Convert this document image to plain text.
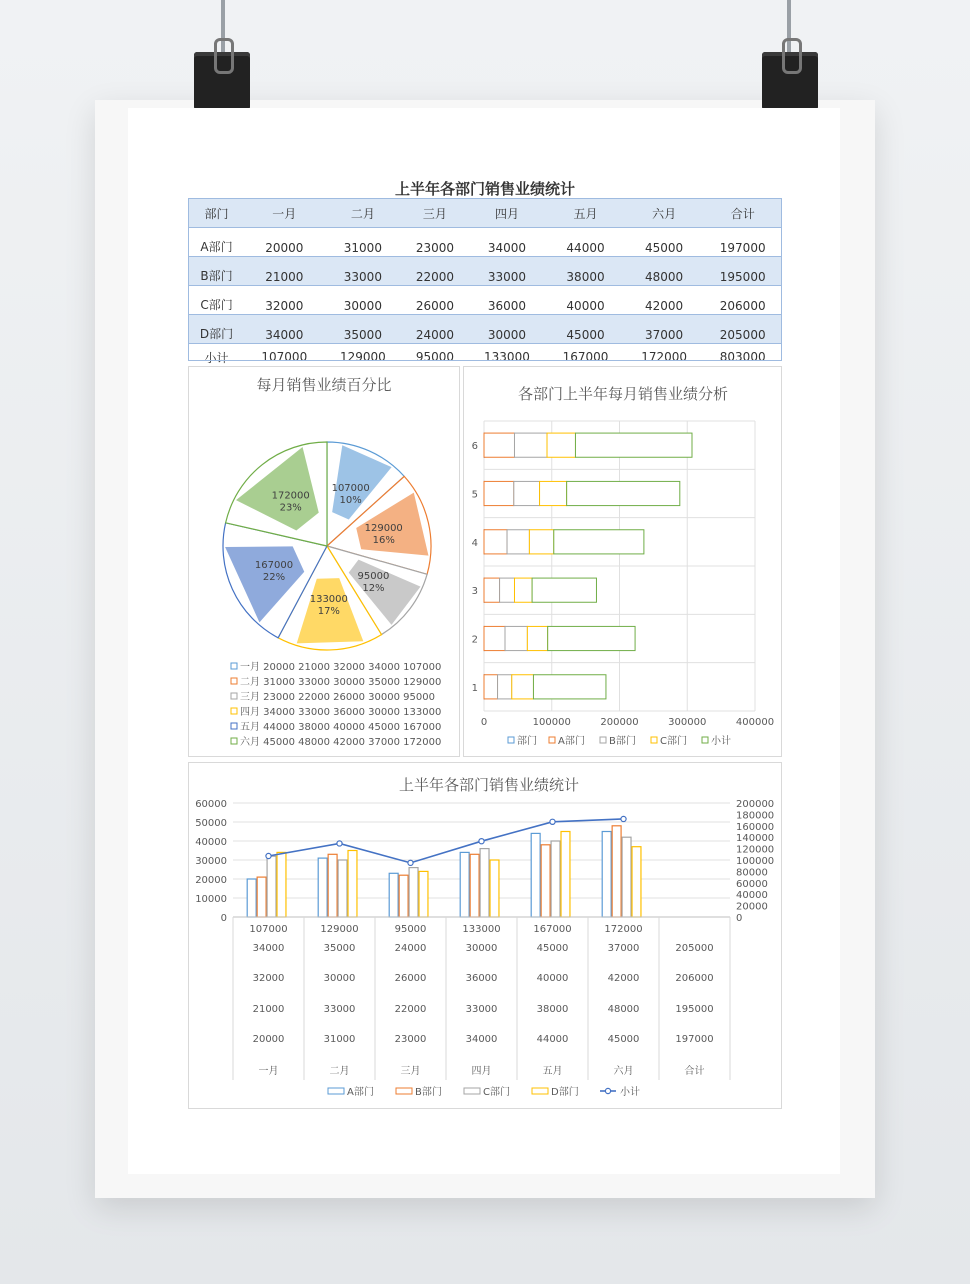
上半年各部门销售业绩统计
部门	一月	二月	三月	四月	五月	六月	合计
A部门	20000	31000	23000	34000	44000	45000	197000
B部门	21000	33000	22000	33000	38000	48000	195000
C部门	32000	30000	26000	36000	40000	42000	206000
D部门	34000	35000	24000	30000	45000	37000	205000
小计	107000	129000	95000	133000	167000	172000	803000
每月销售业绩百分比
107000
10%
129000
16%
95000
12%
133000
17%
167000
22%
172000
23%
一月 20000 21000 32000 34000 107000
二月 31000 33000 30000 35000 129000
三月 23000 22000 26000 30000 95000
四月 34000 33000 36000 30000 133000
五月 44000 38000 40000 45000 167000
六月 45000 48000 42000 37000 172000
各部门上半年每月销售业绩分析
0	100000	200000	300000	400000
1
2
3
4
5
6
部门 A部门 B部门 C部门 小计
上半年各部门销售业绩统计
0
10000
20000
30000
40000
50000
60000
0
20000
40000
60000
80000
100000
120000
140000
160000
180000
200000
107000	129000	95000	133000	167000	172000
34000	35000	24000	30000	45000	37000	205000
32000	30000	26000	36000	40000	42000	206000
21000	33000	22000	33000	38000	48000	195000
20000	31000	23000	34000	44000	45000	197000
一月	二月	三月	四月	五月	六月	合计
A部门	B部门	C部门	D部门	小计
